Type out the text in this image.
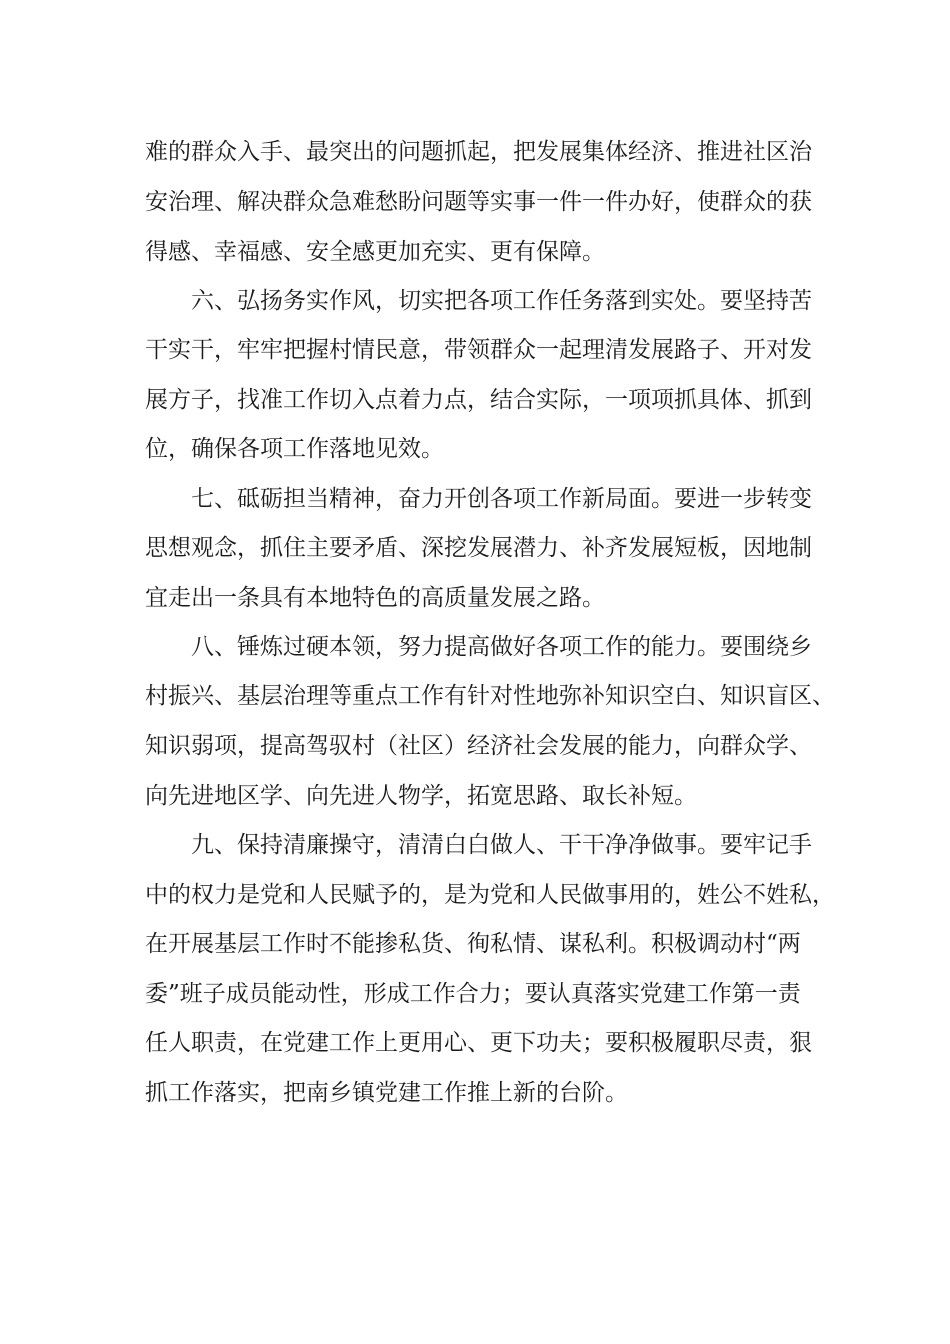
难的群众入手、最突出的问题抓起，把发展集体经济、推进社区治
安治理、解决群众急难愁盼问题等实事一件一件办好，使群众的获
得感、幸福感、安全感更加充实、更有保障。
六、弘扬务实作风，切实把各项工作任务落到实处。要坚持苦
干实干，牢牢把握村情民意，带领群众一起理清发展路子、开对发
展方子，找准工作切入点着力点，结合实际，一项项抓具体、抓到
位，确保各项工作落地见效。
七、砥砺担当精神，奋力开创各项工作新局面。要进一步转变
思想观念，抓住主要矛盾、深挖发展潜力、补齐发展短板，因地制
宜走出一条具有本地特色的高质量发展之路。
八、锤炼过硬本领，努力提高做好各项工作的能力。要围绕乡
村振兴、基层治理等重点工作有针对性地弥补知识空白、知识盲区、
知识弱项，提高驾驭村（社区）经济社会发展的能力，向群众学、
向先进地区学、向先进人物学，拓宽思路、取长补短。
九、保持清廉操守，清清白白做人、干干净净做事。要牢记手
中的权力是党和人民赋予的，是为党和人民做事用的，姓公不姓私，
在开展基层工作时不能掺私货、徇私情、谋私利。积极调动村“两
委”班子成员能动性，形成工作合力；要认真落实党建工作第一责
任人职责，在党建工作上更用心、更下功夫；要积极履职尽责，狠
抓工作落实，把南乡镇党建工作推上新的台阶。
